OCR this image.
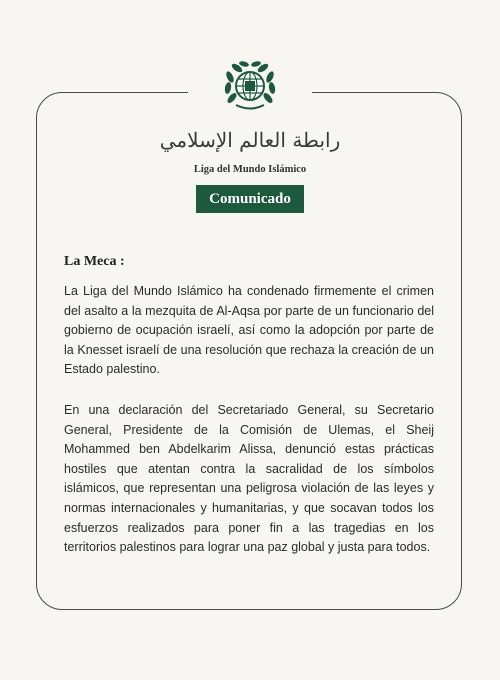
رابطة العالم الإسلامي
Liga del Mundo Islámico
Comunicado
La Meca :

La Liga del Mundo Islámico ha condenado firmemente el crimen del asalto a la mezquita de Al-Aqsa por parte de un funcionario del gobierno de ocupación israelí, así como la adopción por parte de la Knesset israelí de una resolución que rechaza la creación de un Estado palestino.

En una declaración del Secretariado General, su Secretario General, Presidente de la Comisión de Ulemas, el Sheij Mohammed ben Abdelkarim Alissa, denunció estas prácticas hostiles que atentan contra la sacralidad de los símbolos islámicos, que representan una peligrosa violación de las leyes y normas internacionales y humanitarias, y que socavan todos los esfuerzos realizados para poner fin a las tragedias en los territorios palestinos para lograr una paz global y justa para todos.
